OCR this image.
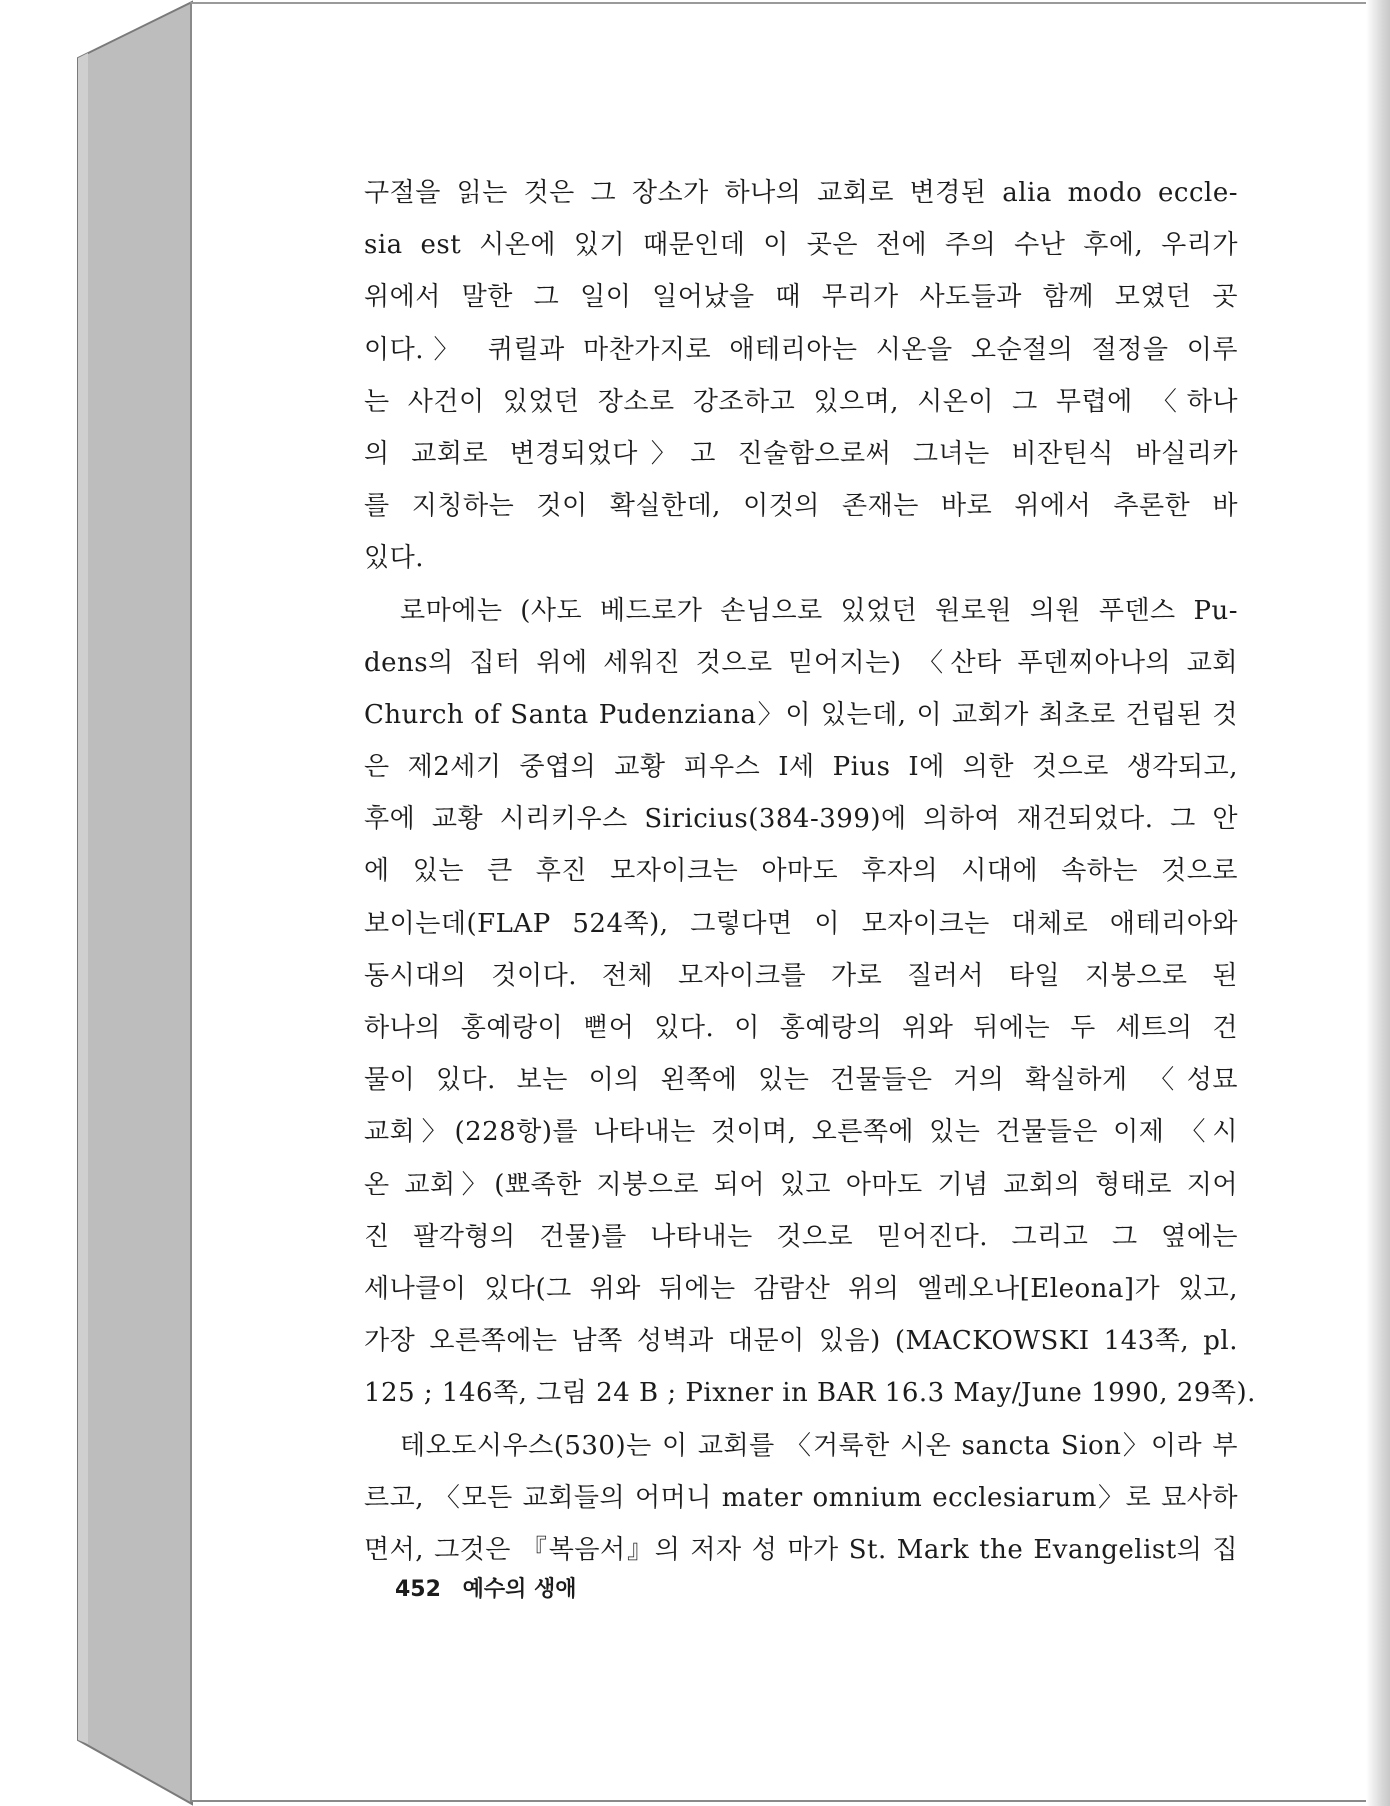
구절을 읽는 것은 그 장소가 하나의 교회로 변경된 alia modo eccle-
sia est 시온에 있기 때문인데 이 곳은 전에 주의 수난 후에, 우리가
위에서 말한 그 일이 일어났을 때 무리가 사도들과 함께 모였던 곳
이다.〉 퀴릴과 마찬가지로 애테리아는 시온을 오순절의 절정을 이루
는 사건이 있었던 장소로 강조하고 있으며, 시온이 그 무렵에 〈하나
의 교회로 변경되었다〉고 진술함으로써 그녀는 비잔틴식 바실리카
를 지칭하는 것이 확실한데, 이것의 존재는 바로 위에서 추론한 바
있다.
로마에는 (사도 베드로가 손님으로 있었던 원로원 의원 푸덴스 Pu-
dens의 집터 위에 세워진 것으로 믿어지는) 〈산타 푸덴찌아나의 교회
Church of Santa Pudenziana〉이 있는데, 이 교회가 최초로 건립된 것
은 제2세기 중엽의 교황 피우스 I세 Pius I에 의한 것으로 생각되고,
후에 교황 시리키우스 Siricius(384-399)에 의하여 재건되었다. 그 안
에 있는 큰 후진 모자이크는 아마도 후자의 시대에 속하는 것으로
보이는데(FLAP 524쪽), 그렇다면 이 모자이크는 대체로 애테리아와
동시대의 것이다. 전체 모자이크를 가로 질러서 타일 지붕으로 된
하나의 홍예랑이 뻗어 있다. 이 홍예랑의 위와 뒤에는 두 세트의 건
물이 있다. 보는 이의 왼쪽에 있는 건물들은 거의 확실하게 〈성묘
교회〉(228항)를 나타내는 것이며, 오른쪽에 있는 건물들은 이제 〈시
온 교회〉(뾰족한 지붕으로 되어 있고 아마도 기념 교회의 형태로 지어
진 팔각형의 건물)를 나타내는 것으로 믿어진다. 그리고 그 옆에는
세나클이 있다(그 위와 뒤에는 감람산 위의 엘레오나[Eleona]가 있고,
가장 오른쪽에는 남쪽 성벽과 대문이 있음) (MACKOWSKI 143쪽, pl.
125 ; 146쪽, 그림 24 B ; Pixner in BAR 16.3 May/June 1990, 29쪽).
테오도시우스(530)는 이 교회를 〈거룩한 시온 sancta Sion〉이라 부
르고, 〈모든 교회들의 어머니 mater omnium ecclesiarum〉로 묘사하
면서, 그것은 『복음서』의 저자 성 마가 St. Mark the Evangelist의 집
452 예수의 생애
